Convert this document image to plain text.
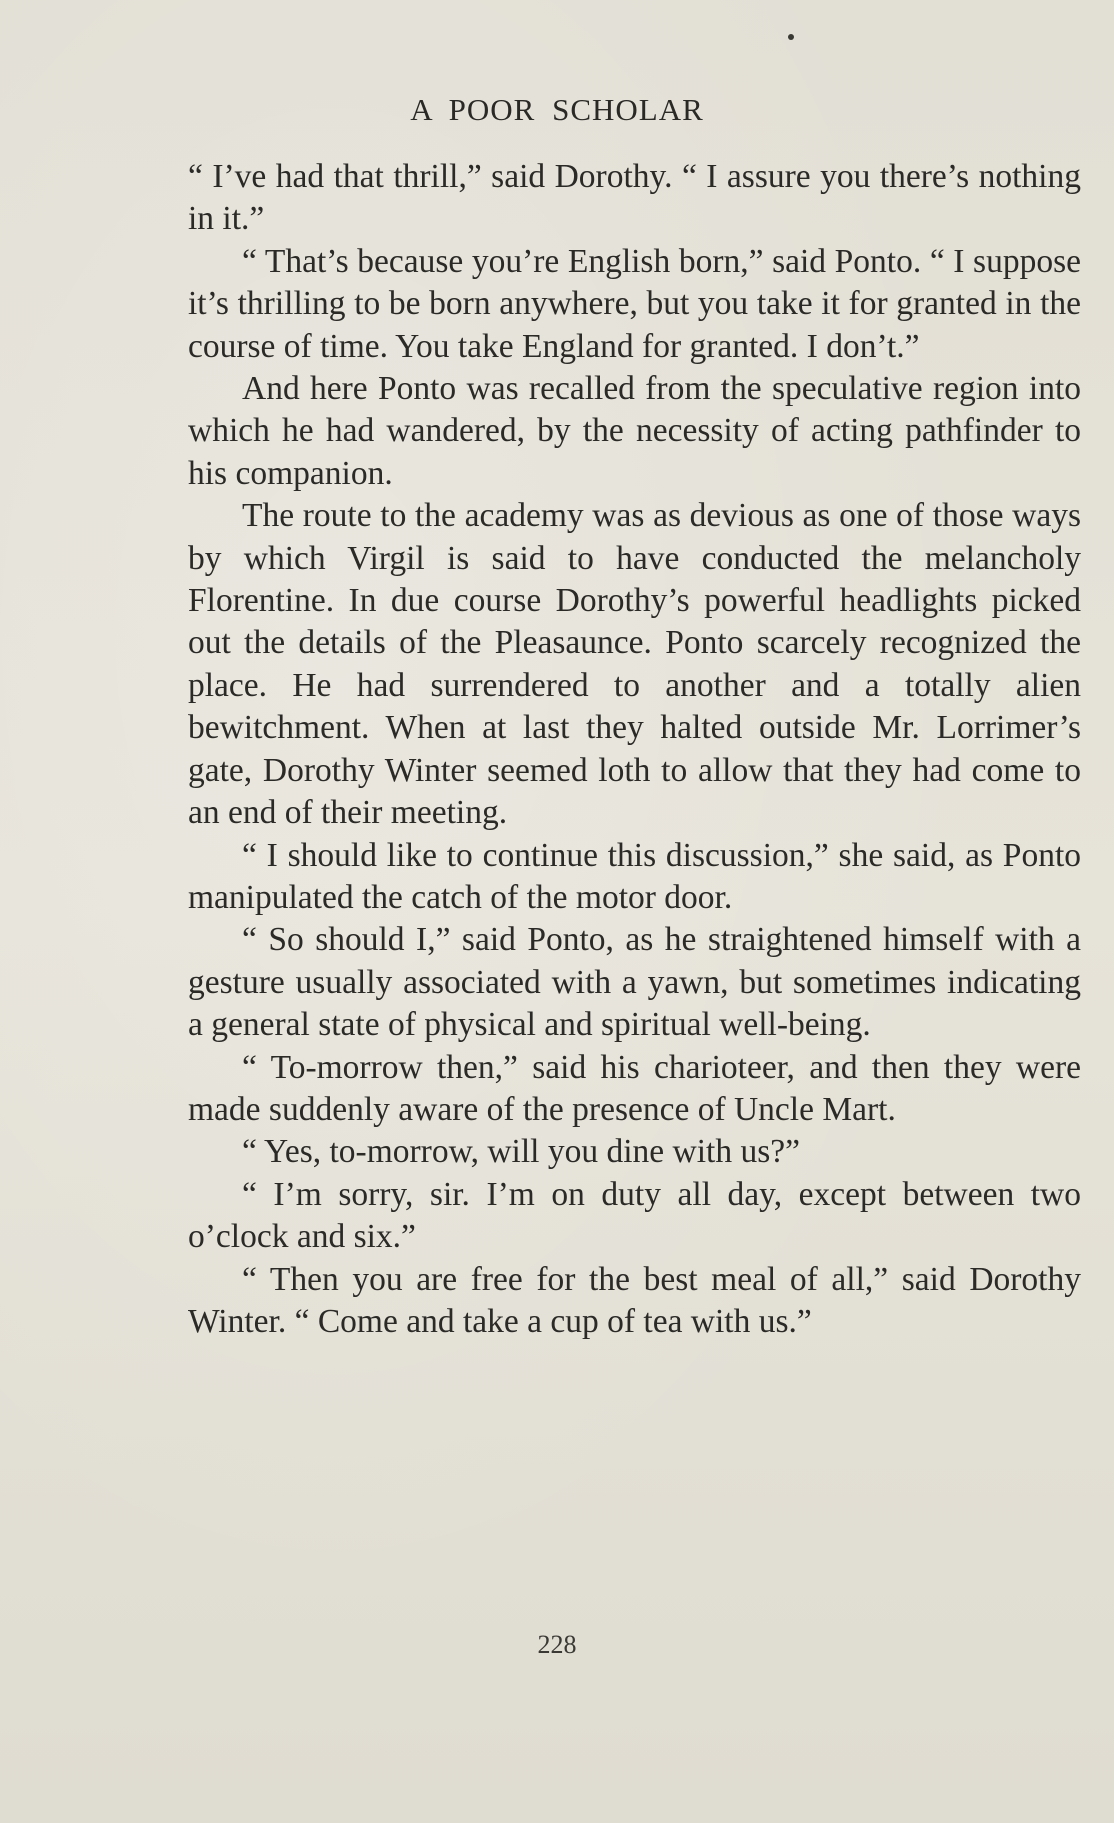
A POOR SCHOLAR

“ I’ve had that thrill,” said Dorothy. “ I assure you there’s nothing in it.”

“ That’s because you’re English born,” said Ponto. “ I suppose it’s thrilling to be born anywhere, but you take it for granted in the course of time. You take England for granted. I don’t.”

And here Ponto was recalled from the speculative region into which he had wandered, by the necessity of acting pathfinder to his companion.

The route to the academy was as devious as one of those ways by which Virgil is said to have conducted the melancholy Florentine. In due course Dorothy’s powerful headlights picked out the details of the Pleasaunce. Ponto scarcely recognized the place. He had surrendered to another and a totally alien bewitchment. When at last they halted outside Mr. Lorrimer’s gate, Dorothy Winter seemed loth to allow that they had come to an end of their meeting.

“ I should like to continue this discussion,” she said, as Ponto manipulated the catch of the motor door.

“ So should I,” said Ponto, as he straightened himself with a gesture usually associated with a yawn, but sometimes indicating a general state of physical and spiritual well-being.

“ To-morrow then,” said his charioteer, and then they were made suddenly aware of the presence of Uncle Mart.

“ Yes, to-morrow, will you dine with us?”

“ I’m sorry, sir. I’m on duty all day, except between two o’clock and six.”

“ Then you are free for the best meal of all,” said Dorothy Winter. “ Come and take a cup of tea with us.”

228
